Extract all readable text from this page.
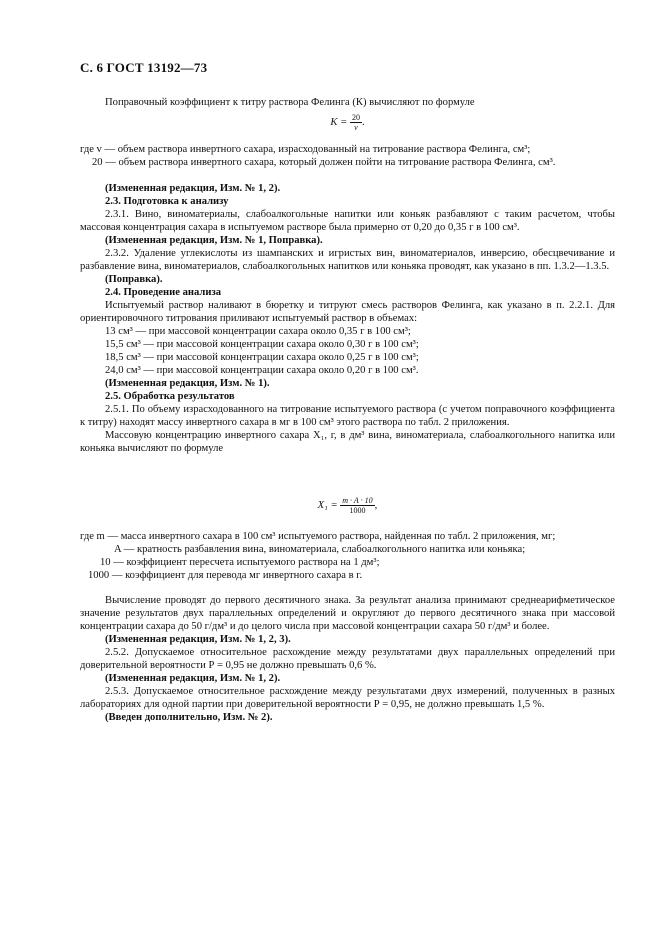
С. 6 ГОСТ 13192—73

Поправочный коэффициент к титру раствора Фелинга (К) вычисляют по формуле

$K = \frac{20}{v}$ .

где v — объем раствора инвертного сахара, израсходованный на титрование раствора Фелинга, см³;

20 — объем раствора инвертного сахара, который должен пойти на титрование раствора Фелинга, см³.

(Измененная редакция, Изм. № 1, 2).

2.3. Подготовка к анализу

2.3.1. Вино, виноматериалы, слабоалкогольные напитки или коньяк разбавляют с таким расчетом, чтобы массовая концентрация сахара в испытуемом растворе была примерно от 0,20 до 0,35 г в 100 см³.

(Измененная редакция, Изм. № 1, Поправка).

2.3.2. Удаление углекислоты из шампанских и игристых вин, виноматериалов, инверсию, обесцвечивание и разбавление вина, виноматериалов, слабоалкогольных напитков или коньяка проводят, как указано в пп. 1.3.2—1.3.5.

(Поправка).

2.4. Проведение анализа

Испытуемый раствор наливают в бюретку и титруют смесь растворов Фелинга, как указано в п. 2.2.1. Для ориентировочного титрования приливают испытуемый раствор в объемах:

13 см³ — при массовой концентрации сахара около 0,35 г в 100 см³;

15,5 см³ — при массовой концентрации сахара около 0,30 г в 100 см³;

18,5 см³ — при массовой концентрации сахара около 0,25 г в 100 см³;

24,0 см³ — при массовой концентрации сахара около 0,20 г в 100 см³.

(Измененная редакция, Изм. № 1).

2.5. Обработка результатов

2.5.1. По объему израсходованного на титрование испытуемого раствора (с учетом поправочного коэффициента к титру) находят массу инвертного сахара в мг в 100 см³ этого раствора по табл. 2 приложения.

Массовую концентрацию инвертного сахара X₁, г, в дм³ вина, виноматериала, слабоалкогольного напитка или коньяка вычисляют по формуле

$X_1 = \frac{m \cdot A \cdot 10}{1000}$ ,

где m — масса инвертного сахара в 100 см³ испытуемого раствора, найденная по табл. 2 приложения, мг;

A — кратность разбавления вина, виноматериала, слабоалкогольного напитка или коньяка;

10 — коэффициент пересчета испытуемого раствора на 1 дм³;

1000 — коэффициент для перевода мг инвертного сахара в г.

Вычисление проводят до первого десятичного знака. За результат анализа принимают среднеарифметическое значение результатов двух параллельных определений и округляют до первого десятичного знака при массовой концентрации сахара до 50 г/дм³ и до целого числа при массовой концентрации сахара 50 г/дм³ и более.

(Измененная редакция, Изм. № 1, 2, 3).

2.5.2. Допускаемое относительное расхождение между результатами двух параллельных определений при доверительной вероятности Р = 0,95 не должно превышать 0,6 %.

(Измененная редакция, Изм. № 1, 2).

2.5.3. Допускаемое относительное расхождение между результатами двух измерений, полученных в разных лабораториях для одной партии при доверительной вероятности Р = 0,95, не должно превышать 1,5 %.

(Введен дополнительно, Изм. № 2).
